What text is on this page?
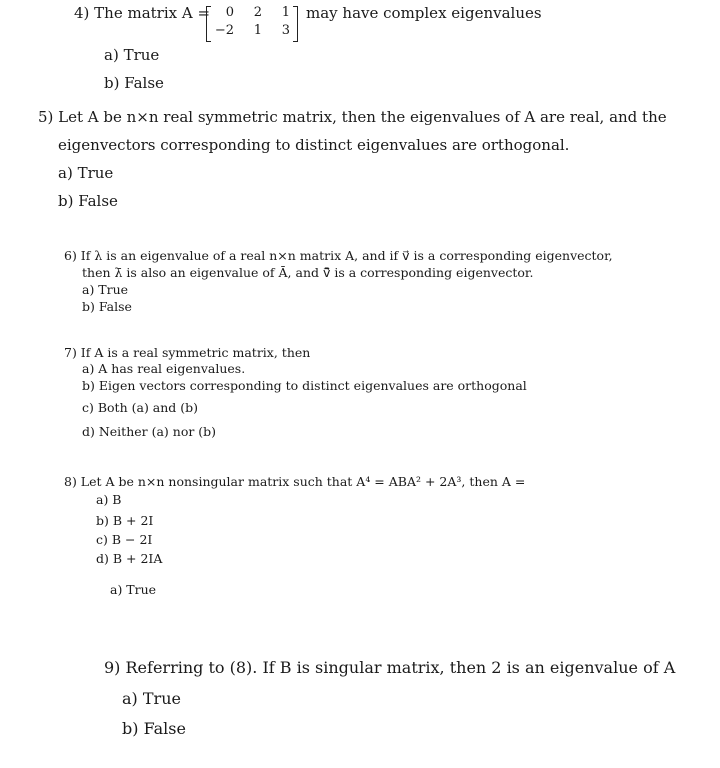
4) The matrix A =	0	2	1
−2	1	3
may have complex eigenvalues
a) True
b) False
5) Let A be n×n real symmetric matrix, then the eigenvalues of A are real, and the
eigenvectors corresponding to distinct eigenvalues are orthogonal.
a) True
b) False
6) If λ is an eigenvalue of a real n×n matrix A, and if v⃗ is a corresponding eigenvector,
then λ̄ is also an eigenvalue of Ā, and v⃗̄ is a corresponding eigenvector.
a) True
b) False
7) If A is a real symmetric matrix, then
a) A has real eigenvalues.
b) Eigen vectors corresponding to distinct eigenvalues are orthogonal
c) Both (a) and (b)
d) Neither (a) nor (b)
8) Let A be n×n nonsingular matrix such that A⁴ = ABA² + 2A³, then A =
a) B
b) B + 2I
c) B − 2I
d) B + 2IA
a) True
9) Referring to (8). If B is singular matrix, then 2 is an eigenvalue of A
a) True
b) False
